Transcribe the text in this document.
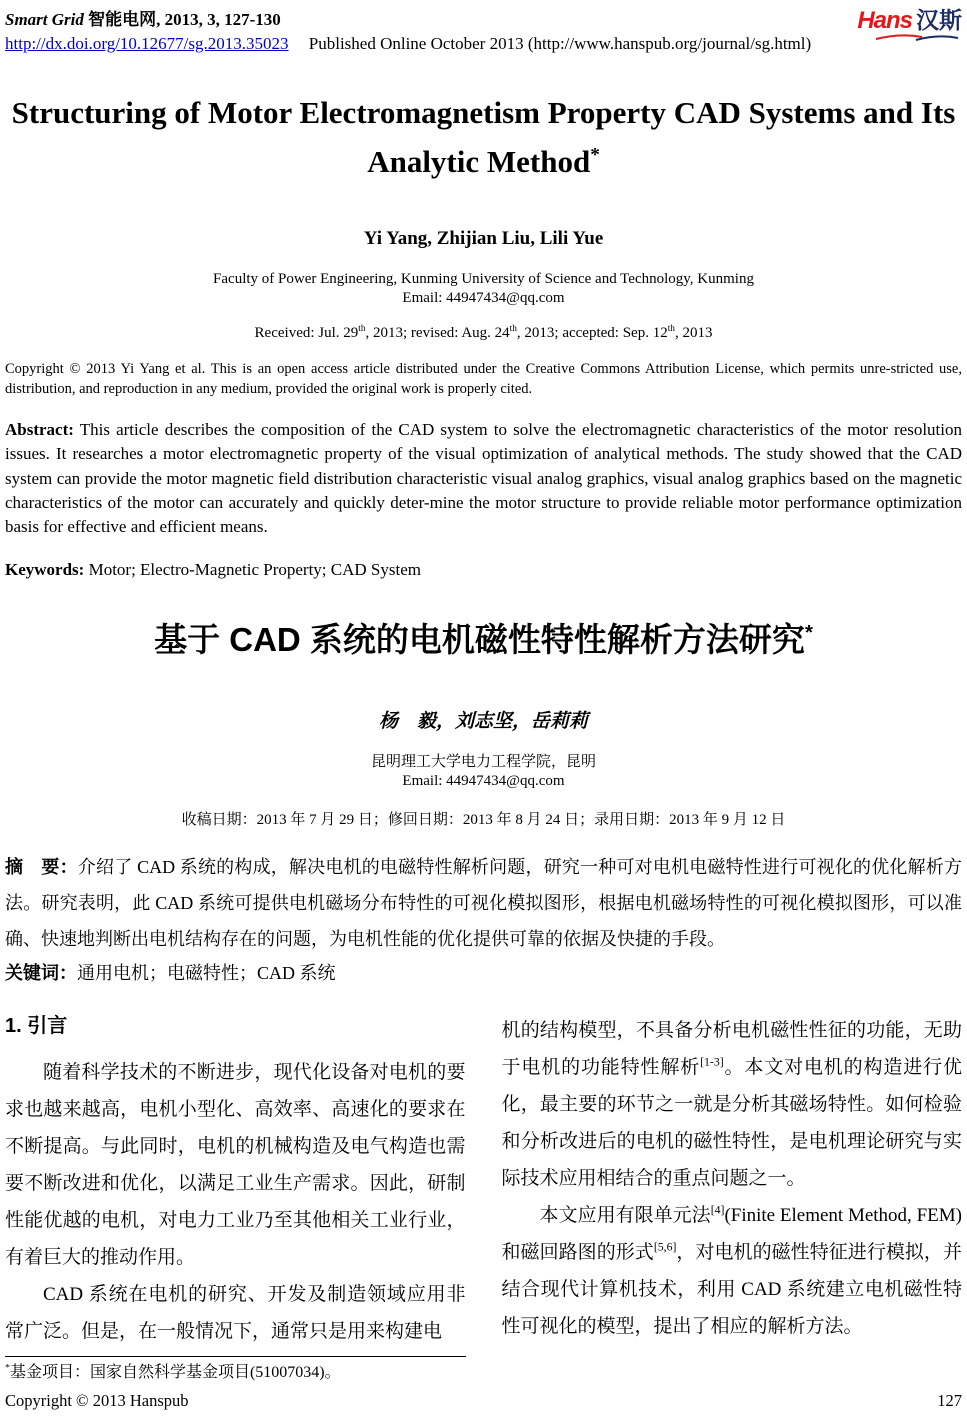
Smart Grid 智能电网, 2013, 3, 127-130
http://dx.doi.org/10.12677/sg.2013.35023 Published Online October 2013 (http://www.hanspub.org/journal/sg.html)
Hans 汉斯
Structuring of Motor Electromagnetism Property CAD Systems and Its Analytic Method*
Yi Yang, Zhijian Liu, Lili Yue
Faculty of Power Engineering, Kunming University of Science and Technology, Kunming
Email: 44947434@qq.com
Received: Jul. 29th, 2013; revised: Aug. 24th, 2013; accepted: Sep. 12th, 2013
Copyright © 2013 Yi Yang et al. This is an open access article distributed under the Creative Commons Attribution License, which permits unre-stricted use, distribution, and reproduction in any medium, provided the original work is properly cited.
Abstract: This article describes the composition of the CAD system to solve the electromagnetic characteristics of the motor resolution issues. It researches a motor electromagnetic property of the visual optimization of analytical methods. The study showed that the CAD system can provide the motor magnetic field distribution characteristic visual analog graphics, visual analog graphics based on the magnetic characteristics of the motor can accurately and quickly deter-mine the motor structure to provide reliable motor performance optimization basis for effective and efficient means.
Keywords: Motor; Electro-Magnetic Property; CAD System
基于 CAD 系统的电机磁性特性解析方法研究*
杨　毅，刘志坚，岳莉莉
昆明理工大学电力工程学院，昆明
Email: 44947434@qq.com
收稿日期：2013 年 7 月 29 日；修回日期：2013 年 8 月 24 日；录用日期：2013 年 9 月 12 日
摘　要：介绍了 CAD 系统的构成，解决电机的电磁特性解析问题，研究一种可对电机电磁特性进行可视化的优化解析方法。研究表明，此 CAD 系统可提供电机磁场分布特性的可视化模拟图形，根据电机磁场特性的可视化模拟图形，可以准确、快速地判断出电机结构存在的问题，为电机性能的优化提供可靠的依据及快捷的手段。
关键词：通用电机；电磁特性；CAD 系统
1. 引言

随着科学技术的不断进步，现代化设备对电机的要求也越来越高，电机小型化、高效率、高速化的要求在不断提高。与此同时，电机的机械构造及电气构造也需要不断改进和优化，以满足工业生产需求。因此，研制性能优越的电机，对电力工业乃至其他相关工业行业，有着巨大的推动作用。

CAD 系统在电机的研究、开发及制造领域应用非常广泛。但是，在一般情况下，通常只是用来构建电

*基金项目：国家自然科学基金项目(51007034)。

机的结构模型，不具备分析电机磁性性征的功能，无助于电机的功能特性解析[1-3]。本文对电机的构造进行优化，最主要的环节之一就是分析其磁场特性。如何检验和分析改进后的电机的磁性特性，是电机理论研究与实际技术应用相结合的重点问题之一。

本文应用有限单元法[4](Finite Element Method, FEM)和磁回路图的形式[5,6]，对电机的磁性特征进行模拟，并结合现代计算机技术，利用 CAD 系统建立电机磁性特性可视化的模型，提出了相应的解析方法。

Copyright © 2013 Hanspub	127
